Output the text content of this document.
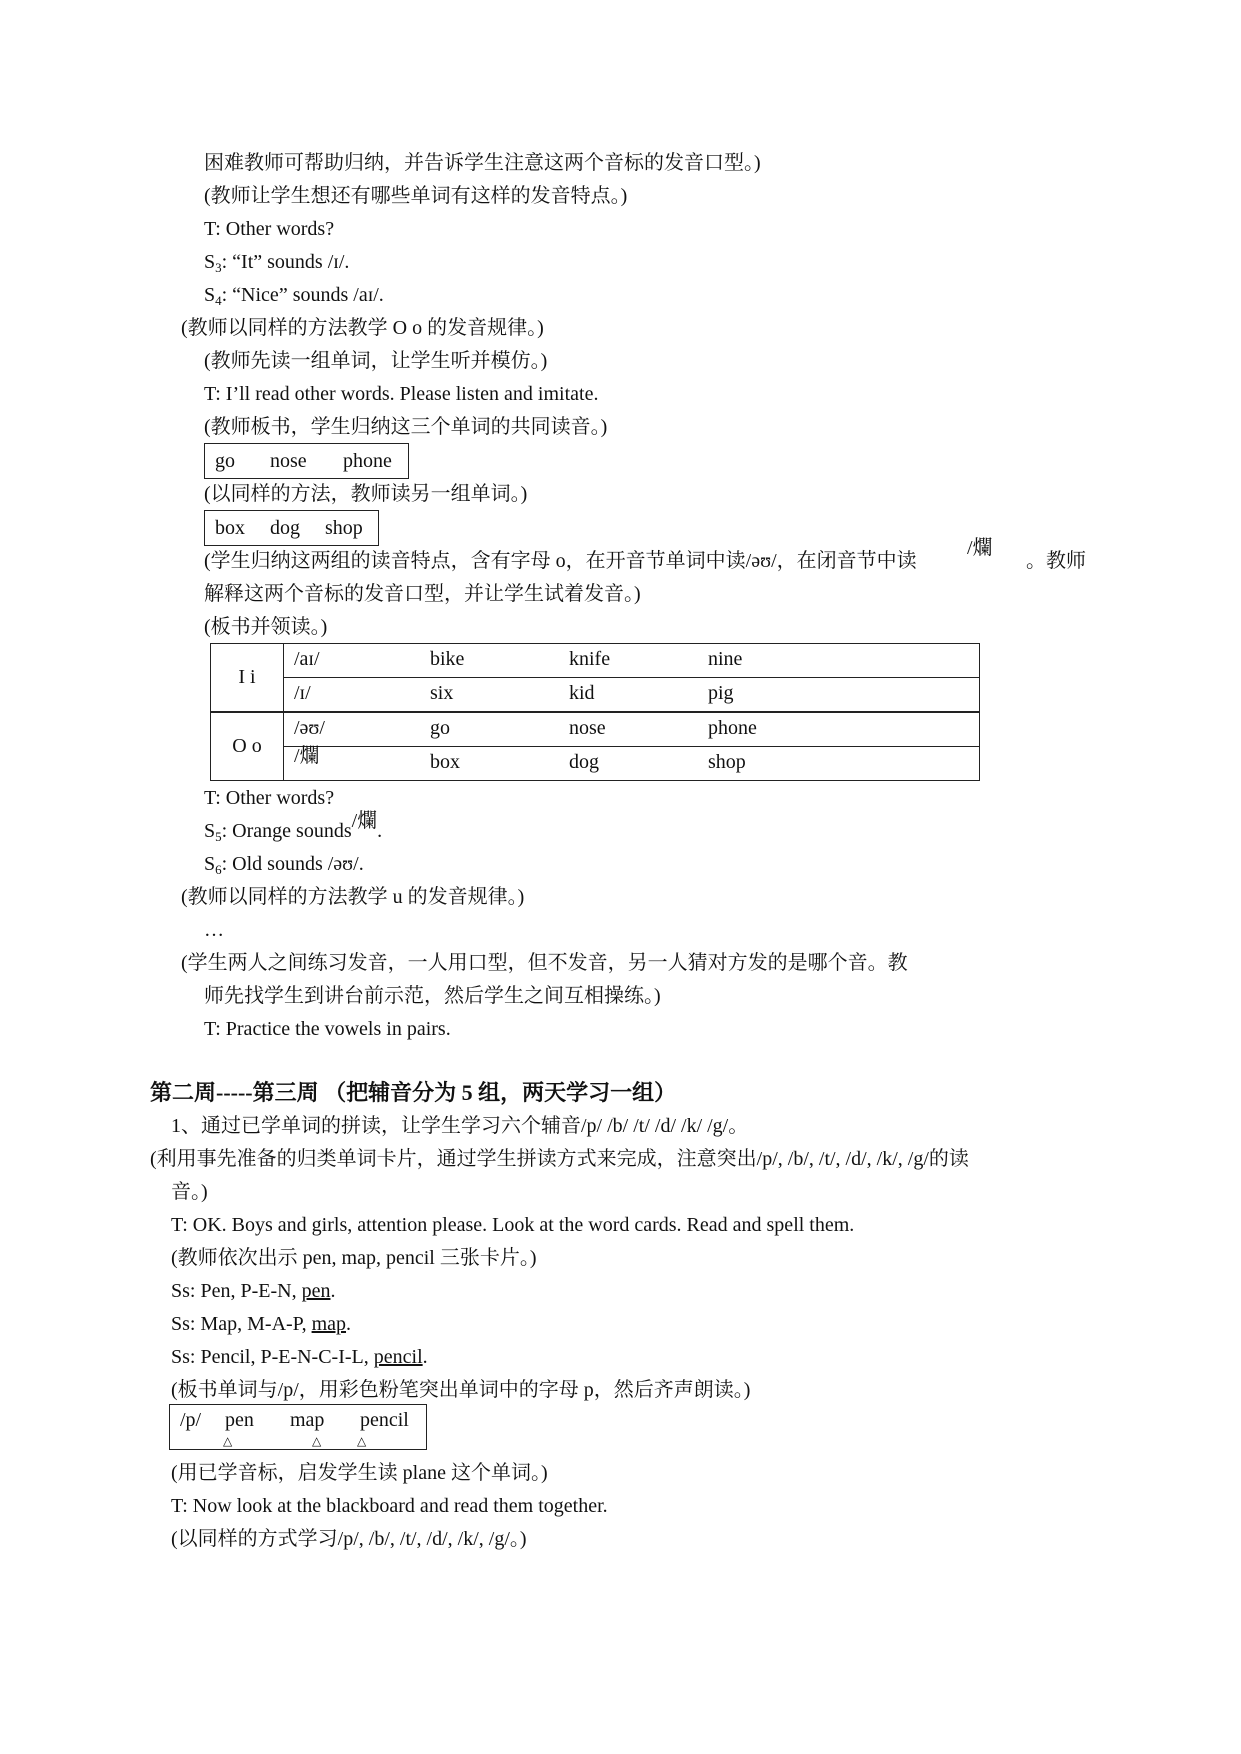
困难教师可帮助归纳，并告诉学生注意这两个音标的发音口型。)
(教师让学生想还有哪些单词有这样的发音特点。)
T: Other words?
$S_3$: “It” sounds /ɪ/.
$S_4$: “Nice” sounds /aɪ/.
(教师以同样的方法教学 O o 的发音规律。)
(教师先读一组单词，让学生听并模仿。)
T: I’ll read other words. Please listen and imitate.
(教师板书，学生归纳这三个单词的共同读音。)
go nose phone
(以同样的方法，教师读另一组单词。)
box dog shop
(学生归纳这两组的读音特点，含有字母 o，在开音节单词中读/əʊ/，在闭音节中读
/爛
。教师
解释这两个音标的发音口型，并让学生试着发音。)
(板书并领读。)
I i	/aɪ/ bike knife nine

	/ɪ/ six kid pig

O o	/əʊ/ go nose phone

	/爛 box dog shop
T: Other words?
$S_5$: Orange sounds/爛.
$S_6$: Old sounds /əʊ/.
(教师以同样的方法教学 u 的发音规律。)
…
(学生两人之间练习发音，一人用口型，但不发音，另一人猜对方发的是哪个音。教
师先找学生到讲台前示范，然后学生之间互相操练。)
T: Practice the vowels in pairs.
第二周-----第三周 （把辅音分为 5 组，两天学习一组）
1、通过已学单词的拼读，让学生学习六个辅音/p/ /b/ /t/ /d/ /k/ /g/。
(利用事先准备的归类单词卡片，通过学生拼读方式来完成，注意突出/p/, /b/, /t/, /d/, /k/, /g/的读
音。)
T: OK. Boys and girls, attention please. Look at the word cards. Read and spell them.
(教师依次出示 pen, map, pencil 三张卡片。)
Ss: Pen, P-E-N, pen.
Ss: Map, M-A-P, map.
Ss: Pencil, P-E-N-C-I-L, pencil.
(板书单词与/p/，用彩色粉笔突出单词中的字母 p，然后齐声朗读。)
/p/ pen map pencil
△	△	△
(用已学音标，启发学生读 plane 这个单词。)
T: Now look at the blackboard and read them together.
(以同样的方式学习/p/, /b/, /t/, /d/, /k/, /g/。)
